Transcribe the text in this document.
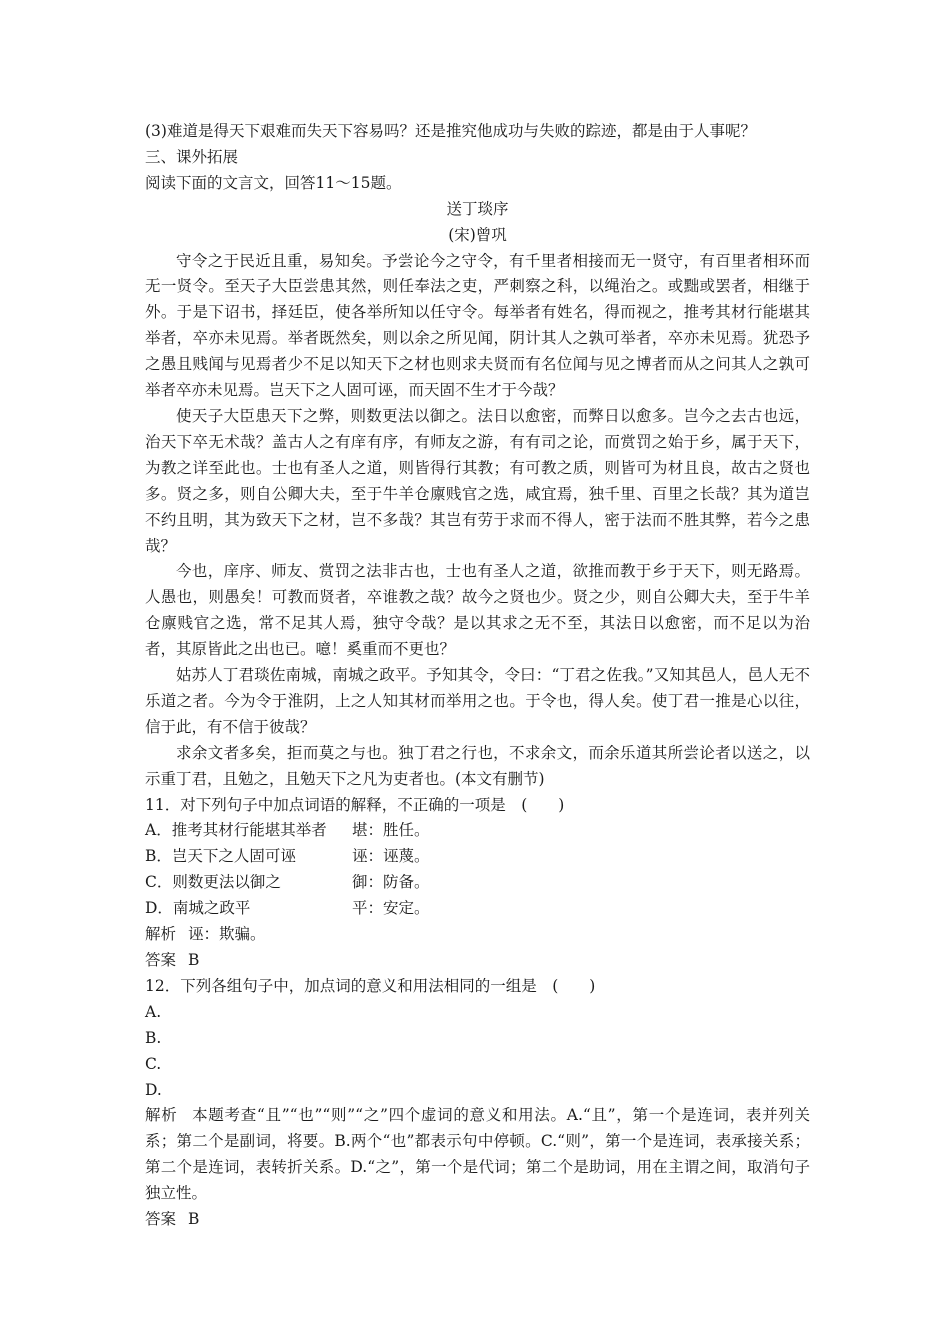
(3)难道是得天下艰难而失天下容易吗？还是推究他成功与失败的踪迹，都是由于人事呢？
三、课外拓展
阅读下面的文言文，回答11～15题。
送丁琰序
(宋)曾巩
守令之于民近且重，易知矣。予尝论今之守令，有千里者相接而无一贤守，有百里者相环而无一贤令。至天子大臣尝患其然，则任奉法之吏，严刺察之科，以绳治之。或黜或罢者，相继于外。于是下诏书，择廷臣，使各举所知以任守令。每举者有姓名，得而视之，推考其材行能堪其举者，卒亦未见焉。举者既然矣，则以余之所见闻，阴计其人之孰可举者，卒亦未见焉。犹恐予之愚且贱闻与见焉者少不足以知天下之材也则求夫贤而有名位闻与见之博者而从之问其人之孰可举者卒亦未见焉。岂天下之人固可诬，而天固不生才于今哉？
使天子大臣患天下之弊，则数更法以御之。法日以愈密，而弊日以愈多。岂今之去古也远，治天下卒无术哉？盖古人之有庠有序，有师友之游，有有司之论，而赏罚之始于乡，属于天下，为教之详至此也。士也有圣人之道，则皆得行其教；有可教之质，则皆可为材且良，故古之贤也多。贤之多，则自公卿大夫，至于牛羊仓廪贱官之选，咸宜焉，独千里、百里之长哉？其为道岂不约且明，其为致天下之材，岂不多哉？其岂有劳于求而不得人，密于法而不胜其弊，若今之患哉？
今也，庠序、师友、赏罚之法非古也，士也有圣人之道，欲推而教于乡于天下，则无路焉。人愚也，则愚矣！可教而贤者，卒谁教之哉？故今之贤也少。贤之少，则自公卿大夫，至于牛羊仓廪贱官之选，常不足其人焉，独守令哉？是以其求之无不至，其法日以愈密，而不足以为治者，其原皆此之出也已。噫！奚重而不更也？
姑苏人丁君琰佐南城，南城之政平。予知其令，令曰：“丁君之佐我。”又知其邑人，邑人无不乐道之者。今为令于淮阴，上之人知其材而举用之也。于令也，得人矣。使丁君一推是心以往，信于此，有不信于彼哉？
求余文者多矣，拒而莫之与也。独丁君之行也，不求余文，而余乐道其所尝论者以送之，以示重丁君，且勉之，且勉天下之凡为吏者也。(本文有删节)
11．对下列句子中加点词语的解释，不正确的一项是　(　　)
A．推考其材行能堪其举者	堪：胜任。
B．岂天下之人固可诬	诬：诬蔑。
C．则数更法以御之	御：防备。
D．南城之政平	平：安定。
解析 诬：欺骗。
答案 B
12．下列各组句子中，加点词的意义和用法相同的一组是　(　　)
A.
B.
C.
D.
解析 本题考查“且”“也”“则”“之”四个虚词的意义和用法。A.“且”，第一个是连词，表并列关系；第二个是副词，将要。B.两个“也”都表示句中停顿。C.“则”，第一个是连词，表承接关系；第二个是连词，表转折关系。D.“之”，第一个是代词；第二个是助词，用在主谓之间，取消句子独立性。
答案 B
